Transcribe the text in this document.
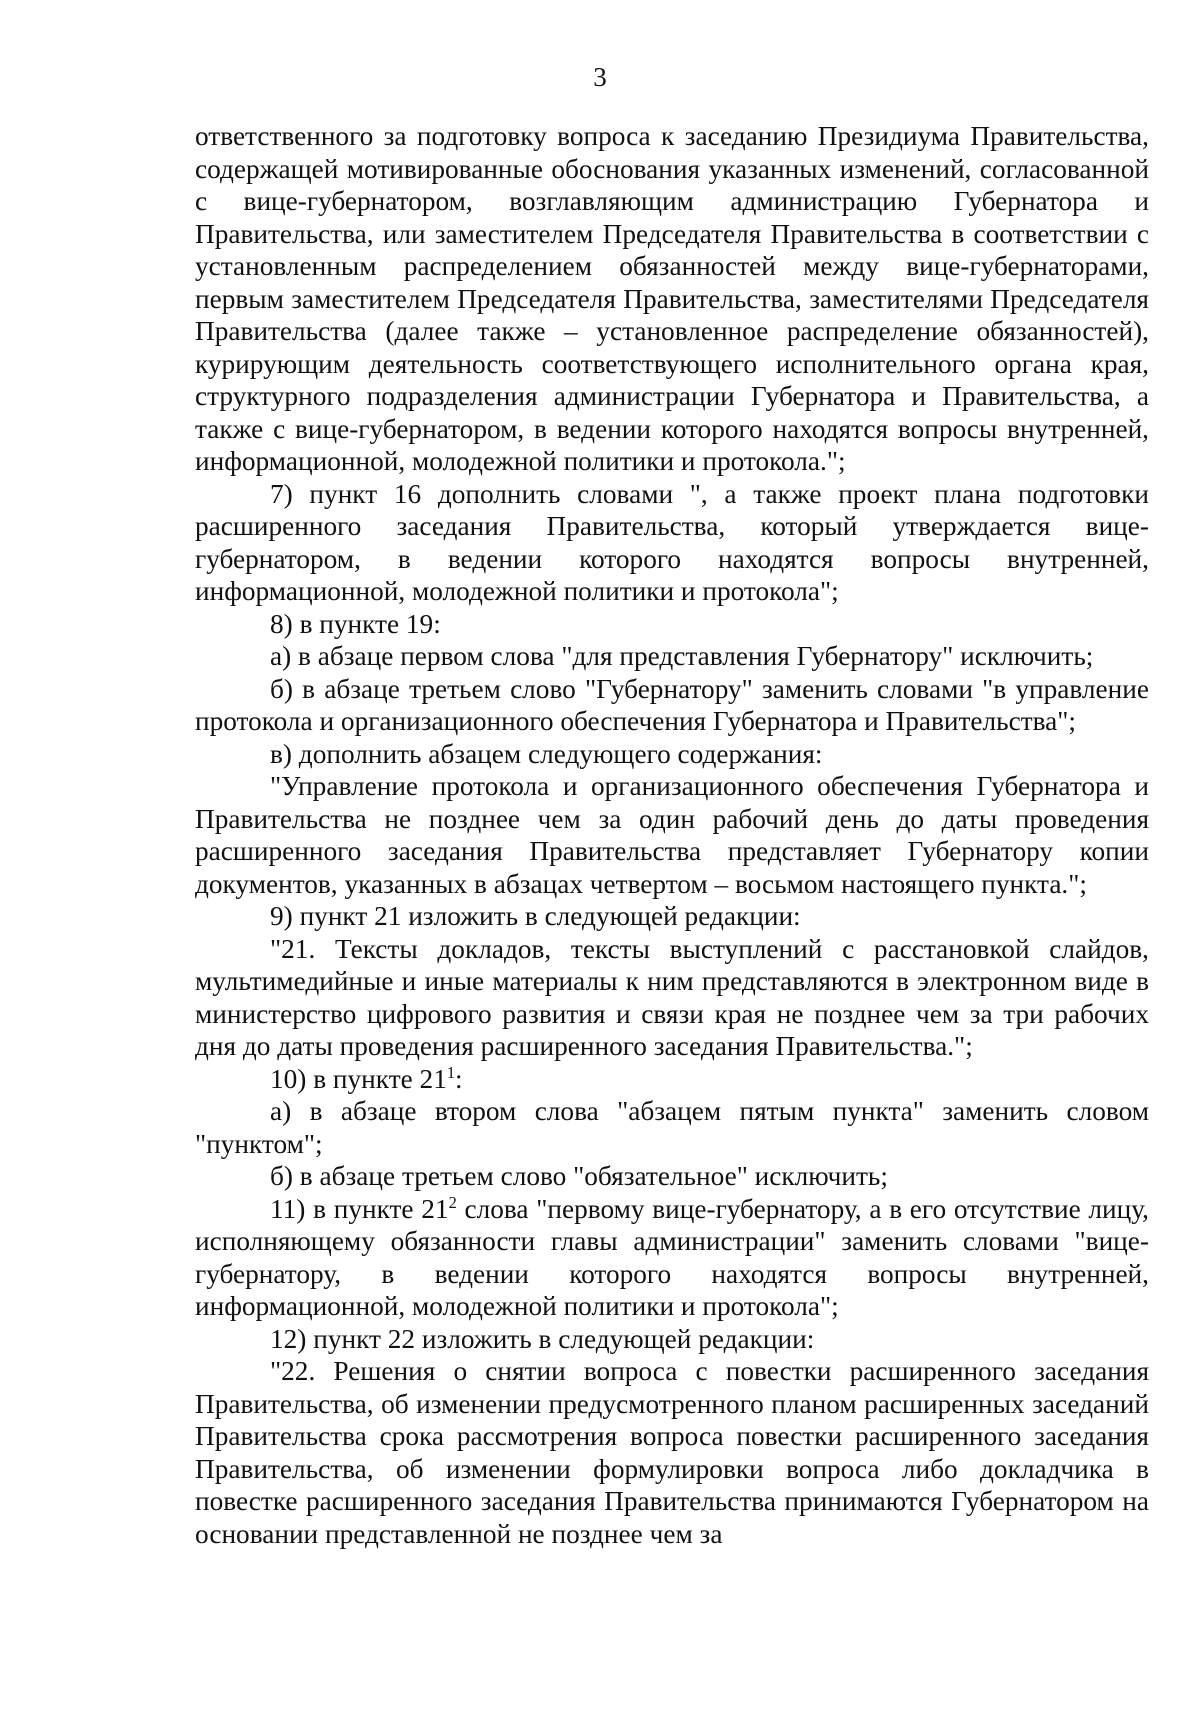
3

ответственного за подготовку вопроса к заседанию Президиума Правительства, содержащей мотивированные обоснования указанных изменений, согласованной с вице-губернатором, возглавляющим администрацию Губернатора и Правительства, или заместителем Председателя Правительства в соответствии с установленным распределением обязанностей между вице-губернаторами, первым заместителем Председателя Правительства, заместителями Председателя Правительства (далее также – установленное распределение обязанностей), курирующим деятельность соответствующего исполнительного органа края, структурного подразделения администрации Губернатора и Правительства, а также с вице-губернатором, в ведении которого находятся вопросы внутренней, информационной, молодежной политики и протокола.";

7) пункт 16 дополнить словами ", а также проект плана подготовки расширенного заседания Правительства, который утверждается вице-губернатором, в ведении которого находятся вопросы внутренней, информационной, молодежной политики и протокола";

8) в пункте 19:

а) в абзаце первом слова "для представления Губернатору" исключить;

б) в абзаце третьем слово "Губернатору" заменить словами "в управление протокола и организационного обеспечения Губернатора и Правительства";

в) дополнить абзацем следующего содержания:

"Управление протокола и организационного обеспечения Губернатора и Правительства не позднее чем за один рабочий день до даты проведения расширенного заседания Правительства представляет Губернатору копии документов, указанных в абзацах четвертом – восьмом настоящего пункта.";

9) пункт 21 изложить в следующей редакции:

"21. Тексты докладов, тексты выступлений с расстановкой слайдов, мультимедийные и иные материалы к ним представляются в электронном виде в министерство цифрового развития и связи края не позднее чем за три рабочих дня до даты проведения расширенного заседания Правительства.";

10) в пункте $21^1$:

а) в абзаце втором слова "абзацем пятым пункта" заменить словом "пунктом";

б) в абзаце третьем слово "обязательное" исключить;

11) в пункте $21^2$ слова "первому вице-губернатору, а в его отсутствие лицу, исполняющему обязанности главы администрации" заменить словами "вице-губернатору, в ведении которого находятся вопросы внутренней, информационной, молодежной политики и протокола";

12) пункт 22 изложить в следующей редакции:

"22. Решения о снятии вопроса с повестки расширенного заседания Правительства, об изменении предусмотренного планом расширенных заседаний Правительства срока рассмотрения вопроса повестки расширенного заседания Правительства, об изменении формулировки вопроса либо докладчика в повестке расширенного заседания Правительства принимаются Губернатором на основании представленной не позднее чем за
